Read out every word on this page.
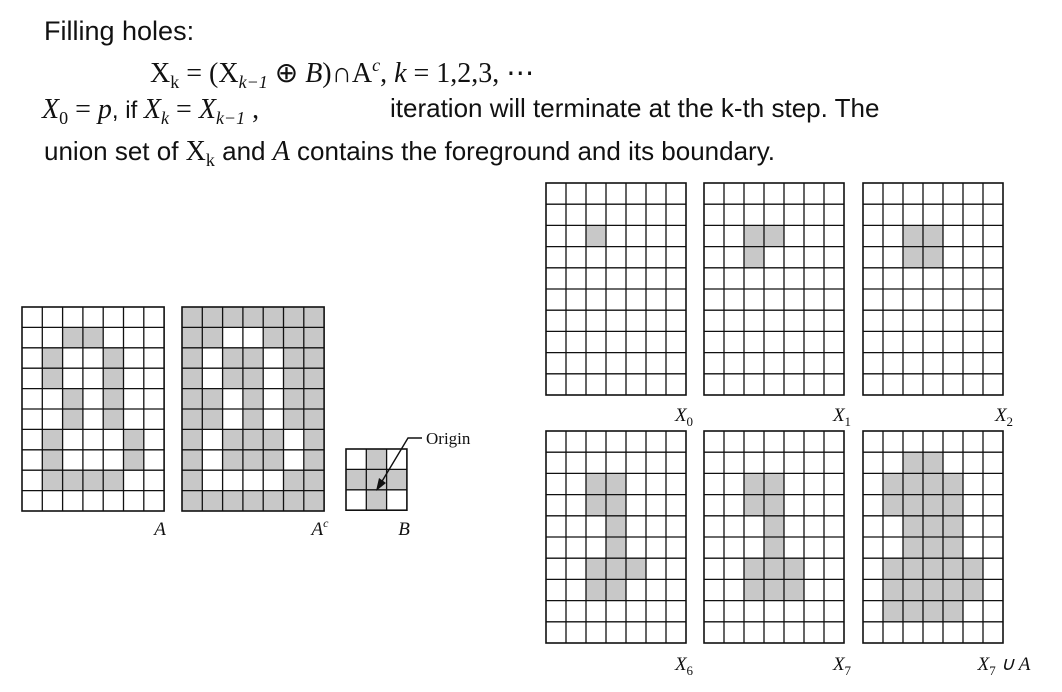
Filling holes:
$X_k = (X_{k-1}$ ⊕ $B)\cap A^c$, k = 1,2,3, ⋯
$X_0 = p$, if $X_k = X_{k-1}$ ,	iteration will terminate at the k-th step. The
union set of $X_k$ and A contains the foreground and its boundary.
A	$A^c$	B
$X_0$	$X_1$	$X_2$
$X_6$	$X_7$	$X_7$ ∪ A
Origin
